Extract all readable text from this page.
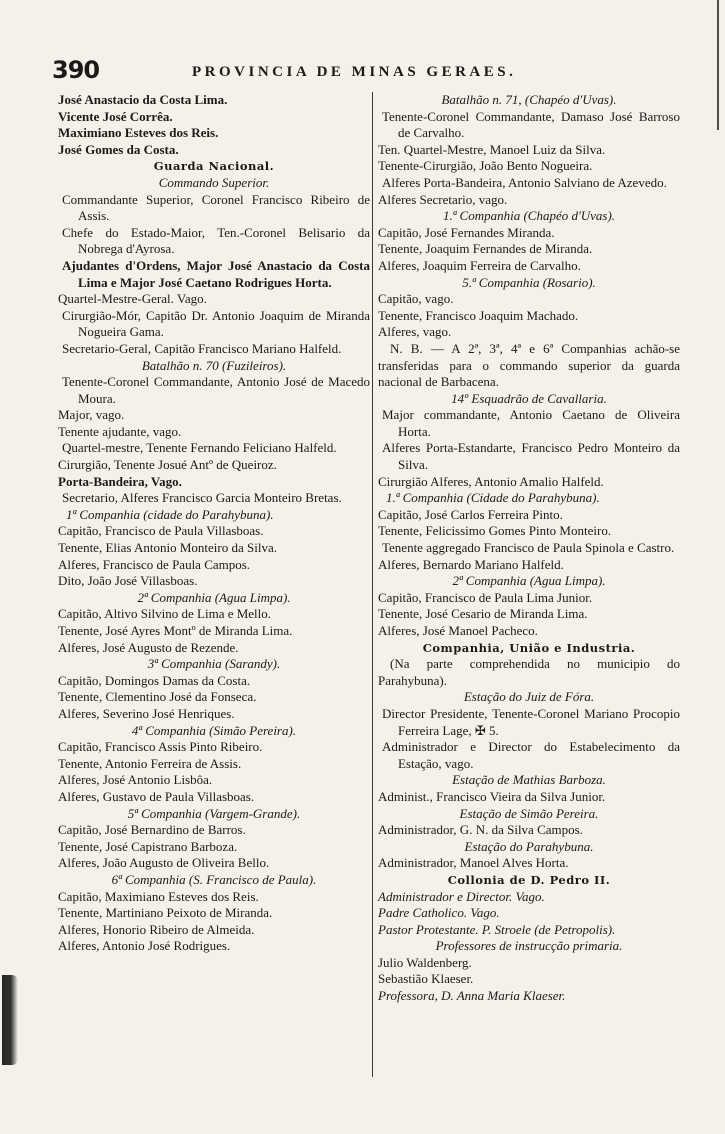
390	PROVINCIA DE MINAS GERAES.
José Anastacio da Costa Lima.
Vicente José Corrêa.
Maximiano Esteves dos Reis.
José Gomes da Costa.
Guarda Nacional.
Commando Superior.
Commandante Superior, Coronel Francisco Ribeiro de Assis.
Chefe do Estado-Maior, Ten.-Coronel Belisario da Nobrega d'Ayrosa.
Ajudantes d'Ordens, Major José Anastacio da Costa Lima e Major José Caetano Rodrigues Horta.
Quartel-Mestre-Geral. Vago.
Cirurgião-Mór, Capitão Dr. Antonio Joaquim de Miranda Nogueira Gama.
Secretario-Geral, Capitão Francisco Mariano Halfeld.
Batalhão n. 70 (Fuzileiros).
Tenente-Coronel Commandante, Antonio José de Macedo Moura.
Major, vago.
Tenente ajudante, vago.
Quartel-mestre, Tenente Fernando Feliciano Halfeld.
Cirurgião, Tenente Josué Antº de Queiroz.
Porta-Bandeira, Vago.
Secretario, Alferes Francisco Garcia Monteiro Bretas.
1ª Companhia (cidade do Parahybuna).
Capitão, Francisco de Paula Villasboas.
Tenente, Elias Antonio Monteiro da Silva.
Alferes, Francisco de Paula Campos.
Dito, João José Villasboas.
2ª Companhia (Agua Limpa).
Capitão, Altivo Silvino de Lima e Mello.
Tenente, José Ayres Montº de Miranda Lima.
Alferes, José Augusto de Rezende.
3ª Companhia (Sarandy).
Capitão, Domingos Damas da Costa.
Tenente, Clementino José da Fonseca.
Alferes, Severino José Henriques.
4ª Companhia (Simão Pereira).
Capitão, Francisco Assis Pinto Ribeiro.
Tenente, Antonio Ferreira de Assis.
Alferes, José Antonio Lisbôa.
Alferes, Gustavo de Paula Villasboas.
5ª Companhia (Vargem-Grande).
Capitão, José Bernardino de Barros.
Tenente, José Capistrano Barboza.
Alferes, João Augusto de Oliveira Bello.
6ª Companhia (S. Francisco de Paula).
Capitão, Maximiano Esteves dos Reis.
Tenente, Martiniano Peixoto de Miranda.
Alferes, Honorio Ribeiro de Almeida.
Alferes, Antonio José Rodrigues.
Batalhão n. 71, (Chapéo d'Uvas).
Tenente-Coronel Commandante, Damaso José Barroso de Carvalho.
Ten. Quartel-Mestre, Manoel Luiz da Silva.
Tenente-Cirurgião, João Bento Nogueira.
Alferes Porta-Bandeira, Antonio Salviano de Azevedo.
Alferes Secretario, vago.
1.ª Companhia (Chapéo d'Uvas).
Capitão, José Fernandes Miranda.
Tenente, Joaquim Fernandes de Miranda.
Alferes, Joaquim Ferreira de Carvalho.
5.ª Companhia (Rosario).
Capitão, vago.
Tenente, Francisco Joaquim Machado.
Alferes, vago.
N. B. — A 2ª, 3ª, 4ª e 6ª Companhias achão-se transferidas para o commando superior da guarda nacional de Barbacena.
14º Esquadrão de Cavallaria.
Major commandante, Antonio Caetano de Oliveira Horta.
Alferes Porta-Estandarte, Francisco Pedro Monteiro da Silva.
Cirurgião Alferes, Antonio Amalio Halfeld.
1.ª Companhia (Cidade do Parahybuna).
Capitão, José Carlos Ferreira Pinto.
Tenente, Felicissimo Gomes Pinto Monteiro.
Tenente aggregado Francisco de Paula Spinola e Castro.
Alferes, Bernardo Mariano Halfeld.
2ª Companhia (Agua Limpa).
Capitão, Francisco de Paula Lima Junior.
Tenente, José Cesario de Miranda Lima.
Alferes, José Manoel Pacheco.
Companhia, União e Industria.
(Na parte comprehendida no municipio do Parahybuna).
Estação do Juiz de Fóra.
Director Presidente, Tenente-Coronel Mariano Procopio Ferreira Lage, ✠ 5.
Administrador e Director do Estabelecimento da Estação, vago.
Estação de Mathias Barboza.
Administ., Francisco Vieira da Silva Junior.
Estação de Simão Pereira.
Administrador, G. N. da Silva Campos.
Estação do Parahybuna.
Administrador, Manoel Alves Horta.
Collonia de D. Pedro II.
Administrador e Director. Vago.
Padre Catholico. Vago.
Pastor Protestante. P. Stroele (de Petropolis).
Professores de instrucção primaria.
Julio Waldenberg.
Sebastião Klaeser.
Professora, D. Anna Maria Klaeser.
